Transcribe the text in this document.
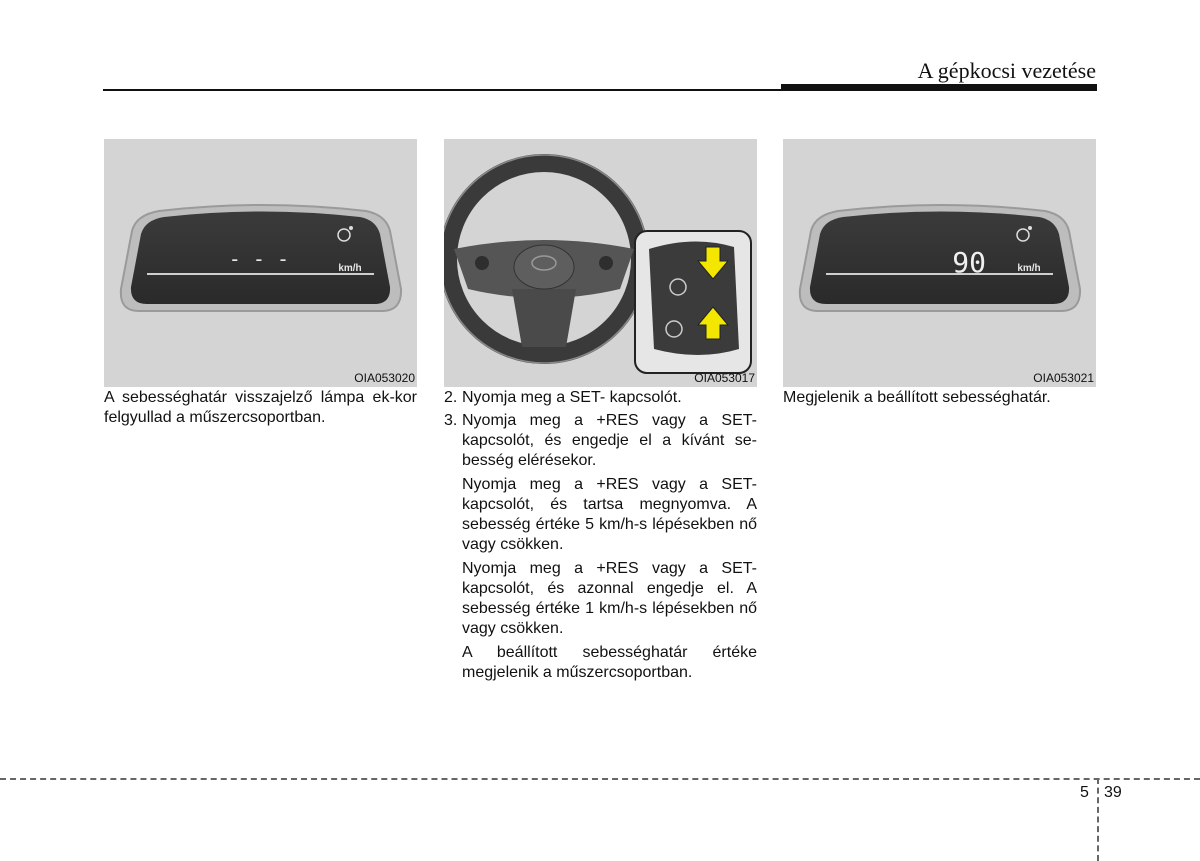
A gépkocsi vezetése
- - -	km/h
OIA053020	OIA053017
90	km/h
OIA053021
A sebességhatár visszajelző lámpa ek-kor felgyullad a műszercsoportban.
2. Nyomja meg a SET- kapcsolót.
3. Nyomja meg a +RES vagy a SET- kapcsolót, és engedje el a kívánt se-besség elérésekor.
Nyomja meg a +RES vagy a SET- kapcsolót, és tartsa megnyomva. A sebesség értéke 5 km/h-s lépésekben nő vagy csökken.
Nyomja meg a +RES vagy a SET- kapcsolót, és azonnal engedje el. A sebesség értéke 1 km/h-s lépésekben nő vagy csökken.
A beállított sebességhatár értéke megjelenik a műszercsoportban.
Megjelenik a beállított sebességhatár.
5 39
